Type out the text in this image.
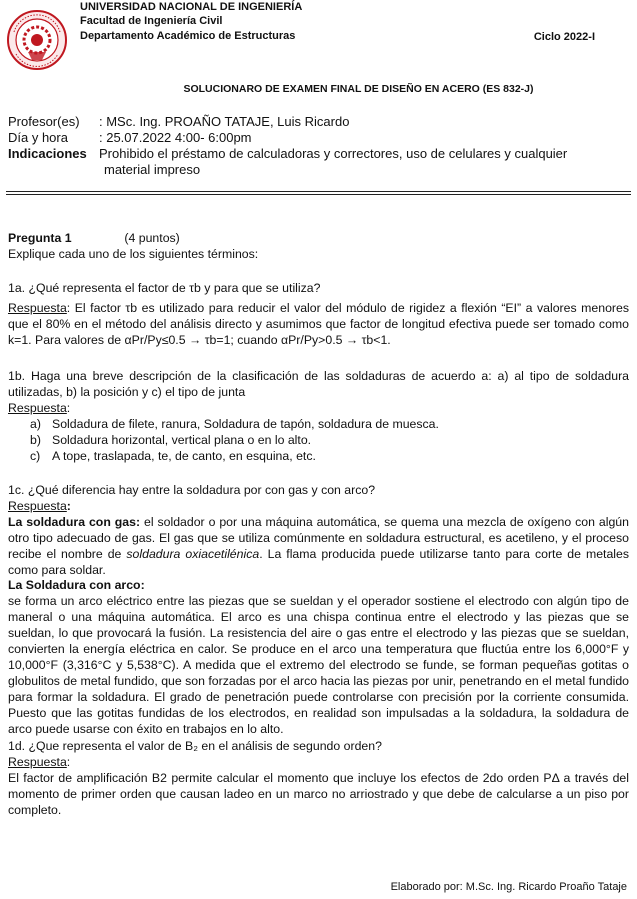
UNIVERSIDAD NACIONAL DE INGENIERÍA
Facultad de Ingeniería Civil
Departamento Académico de Estructuras	Ciclo 2022-I
SOLUCIONARO DE EXAMEN FINAL DE DISEÑO EN ACERO (ES 832-J)
Profesor(es) : MSc. Ing. PROAÑO TATAJE, Luis Ricardo
Día y hora : 25.07.2022 4:00- 6:00pm
Indicaciones Prohibido el préstamo de calculadoras y correctores, uso de celulares y cualquier
material impreso
Pregunta 1	(4 puntos)
Explique cada uno de los siguientes términos:
1a. ¿Qué representa el factor de τb y para que se utiliza?
Respuesta: El factor τb es utilizado para reducir el valor del módulo de rigidez a flexión “EI” a valores menores que el 80% en el método del análisis directo y asumimos que factor de longitud efectiva puede ser tomado como k=1. Para valores de αPr/Py≤0.5 → τb=1; cuando αPr/Py>0.5 → τb<1.
1b. Haga una breve descripción de la clasificación de las soldaduras de acuerdo a: a) al tipo de soldadura utilizadas, b) la posición y c) el tipo de junta
Respuesta:
a) Soldadura de filete, ranura, Soldadura de tapón, soldadura de muesca.
b) Soldadura horizontal, vertical plana o en lo alto.
c) A tope, traslapada, te, de canto, en esquina, etc.
1c. ¿Qué diferencia hay entre la soldadura por con gas y con arco?
Respuesta:
La soldadura con gas: el soldador o por una máquina automática, se quema una mezcla de oxígeno con algún otro tipo adecuado de gas. El gas que se utiliza comúnmente en soldadura estructural, es acetileno, y el proceso recibe el nombre de soldadura oxiacetilénica. La flama producida puede utilizarse tanto para corte de metales como para soldar.
La Soldadura con arco:
se forma un arco eléctrico entre las piezas que se sueldan y el operador sostiene el electrodo con algún tipo de maneral o una máquina automática. El arco es una chispa continua entre el electrodo y las piezas que se sueldan, lo que provocará la fusión. La resistencia del aire o gas entre el electrodo y las piezas que se sueldan, convierten la energía eléctrica en calor. Se produce en el arco una temperatura que fluctúa entre los 6,000°F y 10,000°F (3,316°C y 5,538°C). A medida que el extremo del electrodo se funde, se forman pequeñas gotitas o globulitos de metal fundido, que son forzadas por el arco hacia las piezas por unir, penetrando en el metal fundido para formar la soldadura. El grado de penetración puede controlarse con precisión por la corriente consumida. Puesto que las gotitas fundidas de los electrodos, en realidad son impulsadas a la soldadura, la soldadura de arco puede usarse con éxito en trabajos en lo alto.
1d. ¿Que representa el valor de B₂ en el análisis de segundo orden?
Respuesta:
El factor de amplificación B2 permite calcular el momento que incluye los efectos de 2do orden PΔ a través del momento de primer orden que causan ladeo en un marco no arriostrado y que debe de calcularse a un piso por completo.
Elaborado por: M.Sc. Ing. Ricardo Proaño Tataje
